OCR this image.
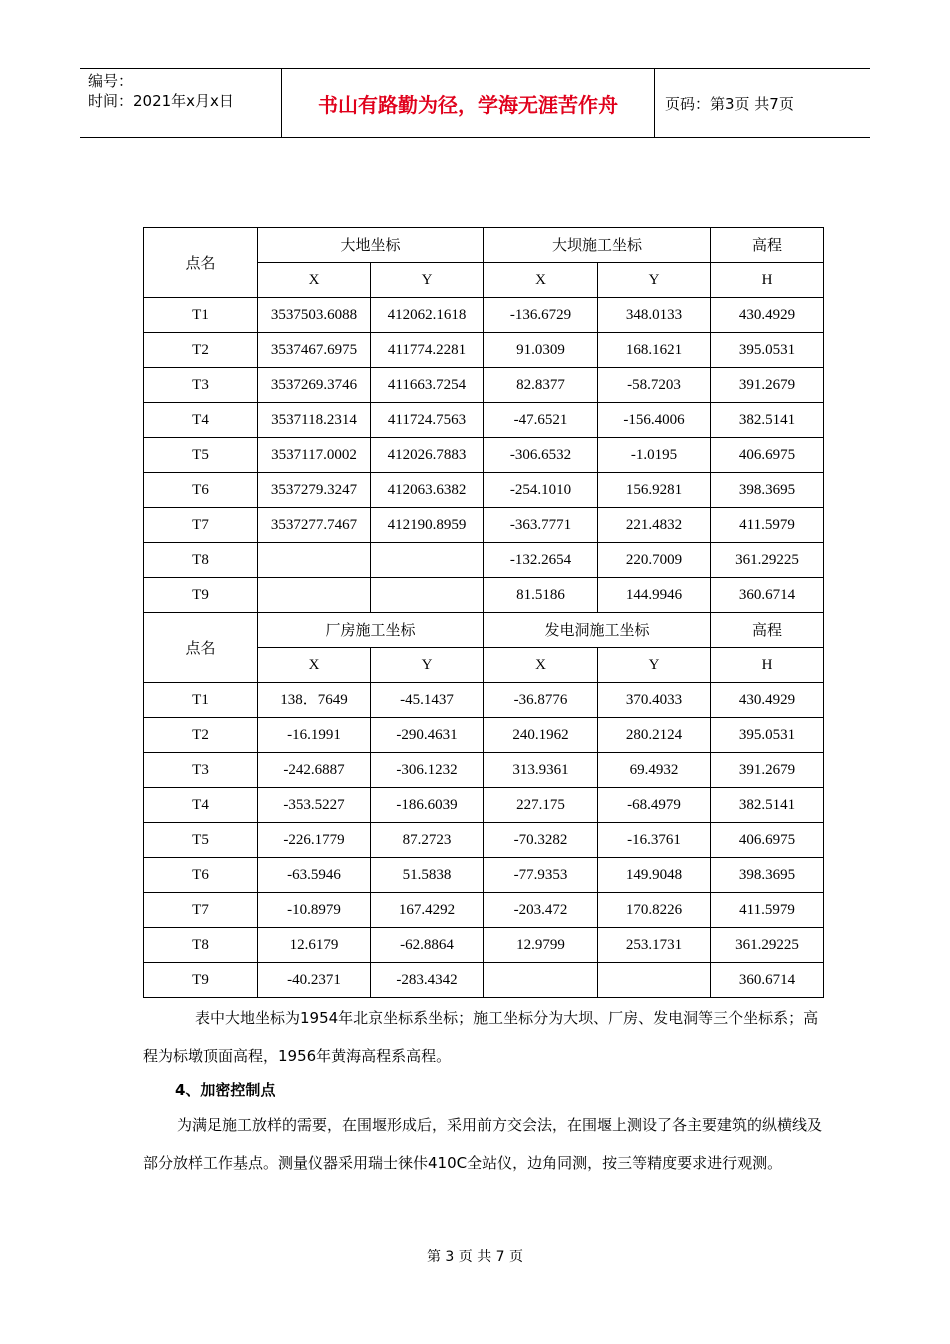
编号：
时间：2021年x月x日	书山有路勤为径，学海无涯苦作舟	页码：第3页 共7页
点名	大地坐标		大坝施工坐标		高程
	X	Y	X	Y	H
T1	3537503.6088	412062.1618	-136.6729	348.0133	430.4929
T2	3537467.6975	411774.2281	91.0309	168.1621	395.0531
T3	3537269.3746	411663.7254	82.8377	-58.7203	391.2679
T4	3537118.2314	411724.7563	-47.6521	-156.4006	382.5141
T5	3537117.0002	412026.7883	-306.6532	-1.0195	406.6975
T6	3537279.3247	412063.6382	-254.1010	156.9281	398.3695
T7	3537277.7467	412190.8959	-363.7771	221.4832	411.5979
T8			-132.2654	220.7009	361.29225
T9			81.5186	144.9946	360.6714
点名	厂房施工坐标		发电洞施工坐标		高程
	X	Y	X	Y	H
T1	138．7649	-45.1437	-36.8776	370.4033	430.4929
T2	-16.1991	-290.4631	240.1962	280.2124	395.0531
T3	-242.6887	-306.1232	313.9361	69.4932	391.2679
T4	-353.5227	-186.6039	227.175	-68.4979	382.5141
T5	-226.1779	87.2723	-70.3282	-16.3761	406.6975
T6	-63.5946	51.5838	-77.9353	149.9048	398.3695
T7	-10.8979	167.4292	-203.472	170.8226	411.5979
T8	12.6179	-62.8864	12.9799	253.1731	361.29225
T9	-40.2371	-283.4342			360.6714
表中大地坐标为1954年北京坐标系坐标；施工坐标分为大坝、厂房、发电洞等三个坐标系；高程为标墩顶面高程，1956年黄海高程系高程。
4、加密控制点
为满足施工放样的需要，在围堰形成后，采用前方交会法，在围堰上测设了各主要建筑的纵横线及部分放样工作基点。测量仪器采用瑞士徕佧410C全站仪，边角同测，按三等精度要求进行观测。
第 3 页 共 7 页
